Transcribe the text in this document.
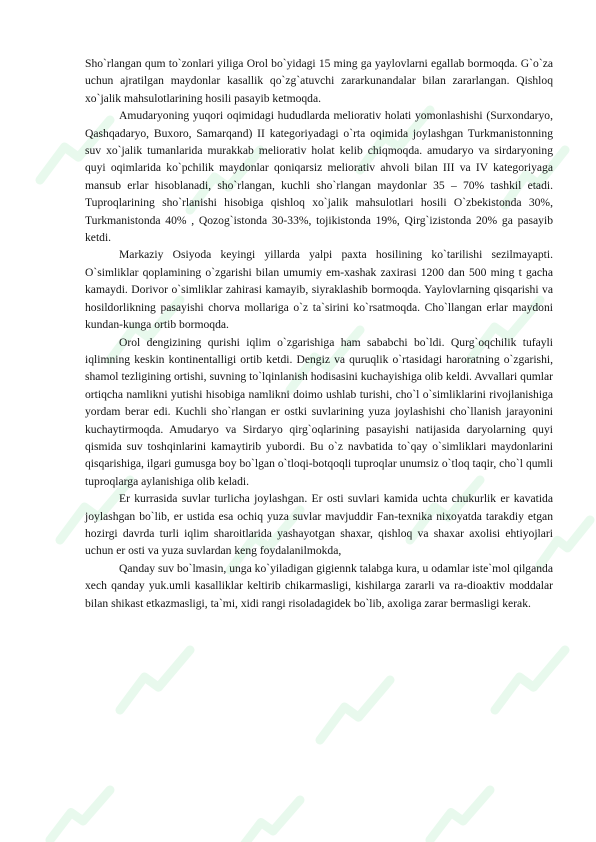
Sho`rlangan qum to`zonlari yiliga Orol bo`yidagi 15 ming ga yaylovlarni egallab bormoqda. G`o`za uchun ajratilgan maydonlar kasallik qo`zg`atuvchi zararkunandalar bilan zararlangan. Qishloq xo`jalik mahsulotlarining hosili pasayib ketmoqda.

Amudaryoning yuqori oqimidagi hududlarda meliorativ holati yomonlashishi (Surxondaryo, Qashqadaryo, Buxoro, Samarqand) II kategoriyadagi o`rta oqimida joylashgan Turkmanistonning suv xo`jalik tumanlarida murakkab meliorativ holat kelib chiqmoqda. amudaryo va sirdaryoning quyi oqimlarida ko`pchilik maydonlar qoniqarsiz meliorativ ahvoli bilan III va IV kategoriyaga mansub erlar hisoblanadi, sho`rlangan, kuchli sho`rlangan maydonlar 35 – 70% tashkil etadi. Tuproqlarining sho`rlanishi hisobiga qishloq xo`jalik mahsulotlari hosili O`zbekistonda 30%, Turkmanistonda 40% , Qozog`istonda 30-33%, tojikistonda 19%, Qirg`izistonda 20% ga pasayib ketdi.

Markaziy Osiyoda keyingi yillarda yalpi paxta hosilining ko`tarilishi sezilmayapti. O`simliklar qoplamining o`zgarishi bilan umumiy em-xashak zaxirasi 1200 dan 500 ming t gacha kamaydi. Dorivor o`simliklar zahirasi kamayib, siyraklashib bormoqda. Yaylovlarning qisqarishi va hosildorlikning pasayishi chorva mollariga o`z ta`sirini ko`rsatmoqda. Cho`llangan erlar maydoni kundan-kunga ortib bormoqda.

Orol dengizining qurishi iqlim o`zgarishiga ham sababchi bo`ldi. Qurg`oqchilik tufayli iqlimning keskin kontinentalligi ortib ketdi. Dengiz va quruqlik o`rtasidagi haroratning o`zgarishi, shamol tezligining ortishi, suvning to`lqinlanish hodisasini kuchayishiga olib keldi. Avvallari qumlar ortiqcha namlikni yutishi hisobiga namlikni doimo ushlab turishi, cho`l o`simliklarini rivojlanishiga yordam berar edi. Kuchli sho`rlangan er ostki suvlarining yuza joylashishi cho`llanish jarayonini kuchaytirmoqda. Amudaryo va Sirdaryo qirg`oqlarining pasayishi natijasida daryolarning quyi qismida suv toshqinlarini kamaytirib yubordi. Bu o`z navbatida to`qay o`simliklari maydonlarini qisqarishiga, ilgari gumusga boy bo`lgan o`tloqi-botqoqli tuproqlar unumsiz o`tloq taqir, cho`l qumli tuproqlarga aylanishiga olib keladi.

Er kurrasida suvlar turlicha joylashgan. Er osti suvlari kamida uchta chukurlik er kavatida joylashgan bo`lib, er ustida esa ochiq yuza suvlar mavjuddir Fan-texnika nixoyatda tarakdiy etgan hozirgi davrda turli iqlim sharoitlarida yashayotgan shaxar, qishloq va shaxar axolisi ehtiyojlari uchun er osti va yuza suvlardan keng foydalanilmokda,

Qanday suv bo`lmasin, unga ko`yiladigan gigiennk talabga kura, u odamlar iste`mol qilganda xech qanday yuk.umli kasalliklar keltirib chikarmasligi, kishilarga zararli va ra-dioaktiv moddalar bilan shikast etkazmasligi, ta`mi, xidi rangi risoladagidek bo`lib, axoliga zarar bermasligi kerak.
